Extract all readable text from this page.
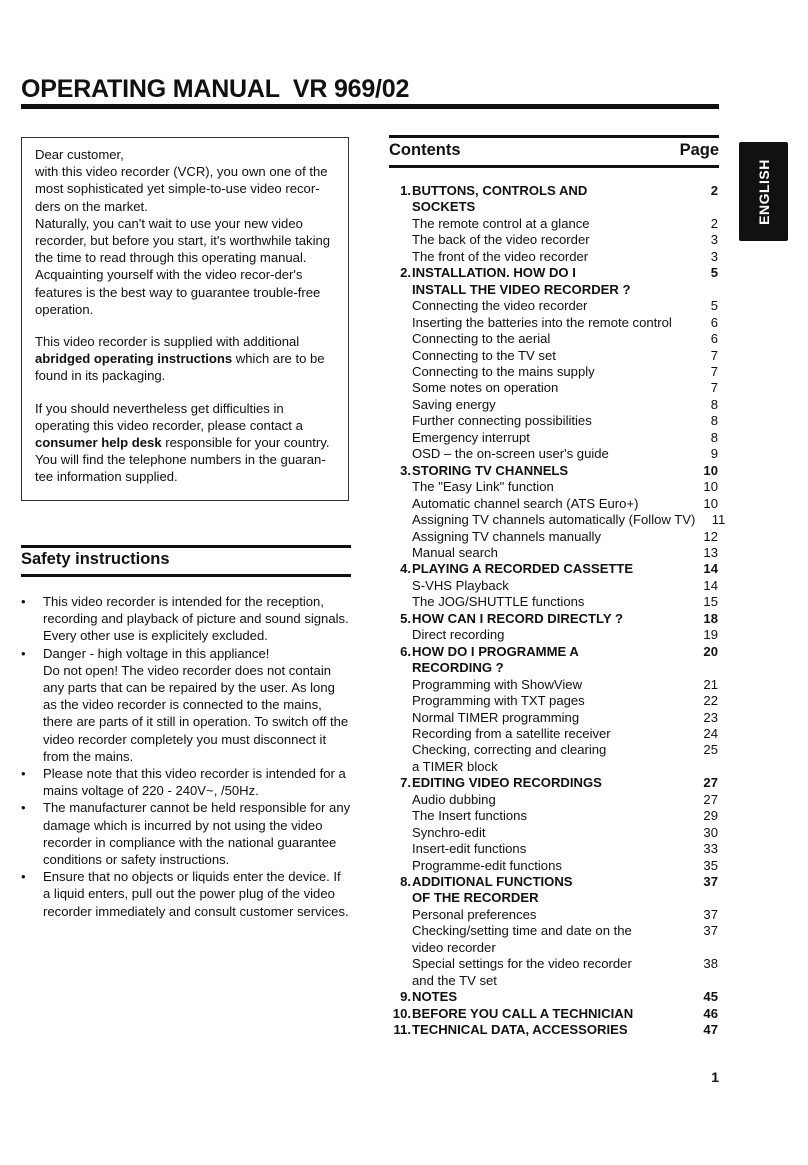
OPERATING MANUAL  VR 969/02
ENGLISH

Dear customer,
with this video recorder (VCR), you own one of the most sophisticated yet simple-to-use video recor-ders on the market.
Naturally, you can't wait to use your new video recorder, but before you start, it's worthwhile taking the time to read through this operating manual. Acquainting yourself with the video recor-der's features is the best way to guarantee trouble-free operation.

This video recorder is supplied with additional abridged operating instructions which are to be found in its packaging.

If you should nevertheless get difficulties in operating this video recorder, please contact a consumer help desk responsible for your country. You will find the telephone numbers in the guaran-tee information supplied.

Safety instructions
• This video recorder is intended for the reception, recording and playback of picture and sound signals. Every other use is explicitely excluded.
• Danger - high voltage in this appliance!
Do not open! The video recorder does not contain any parts that can be repaired by the user. As long as the video recorder is connected to the mains, there are parts of it still in operation. To switch off the video recorder completely you must disconnect it from the mains.
• Please note that this video recorder is intended for a mains voltage of 220 - 240V~, /50Hz.
• The manufacturer cannot be held responsible for any damage which is incurred by not using the video recorder in compliance with the national guarantee conditions or safety instructions.
• Ensure that no objects or liquids enter the device. If a liquid enters, pull out the power plug of the video recorder immediately and consult customer services.
Contents	Page
1. BUTTONS, CONTROLS AND	2
SOCKETS
The remote control at a glance	2
The back of the video recorder	3
The front of the video recorder	3
2. INSTALLATION. HOW DO I	5
INSTALL THE VIDEO RECORDER ?
Connecting the video recorder	5
Inserting the batteries into the remote control	6
Connecting to the aerial	6
Connecting to the TV set	7
Connecting to the mains supply	7
Some notes on operation	7
Saving energy	8
Further connecting possibilities	8
Emergency interrupt	8
OSD – the on-screen user's guide	9
3. STORING TV CHANNELS	10
The "Easy Link" function	10
Automatic channel search (ATS Euro+)	10
Assigning TV channels automatically (Follow TV)	11
Assigning TV channels manually	12
Manual search	13
4. PLAYING A RECORDED CASSETTE	14
S-VHS Playback	14
The JOG/SHUTTLE functions	15
5. HOW CAN I RECORD DIRECTLY ?	18
Direct recording	19
6. HOW DO I PROGRAMME A	20
RECORDING ?
Programming with ShowView	21
Programming with TXT pages	22
Normal TIMER programming	23
Recording from a satellite receiver	24
Checking, correcting and clearing	25
a TIMER block
7. EDITING VIDEO RECORDINGS	27
Audio dubbing	27
The Insert functions	29
Synchro-edit	30
Insert-edit functions	33
Programme-edit functions	35
8. ADDITIONAL FUNCTIONS	37
OF THE RECORDER
Personal preferences	37
Checking/setting time and date on the	37
video recorder
Special settings for the video recorder	38
and the TV set
9. NOTES	45
10. BEFORE YOU CALL A TECHNICIAN	46
11. TECHNICAL DATA, ACCESSORIES	47
1
